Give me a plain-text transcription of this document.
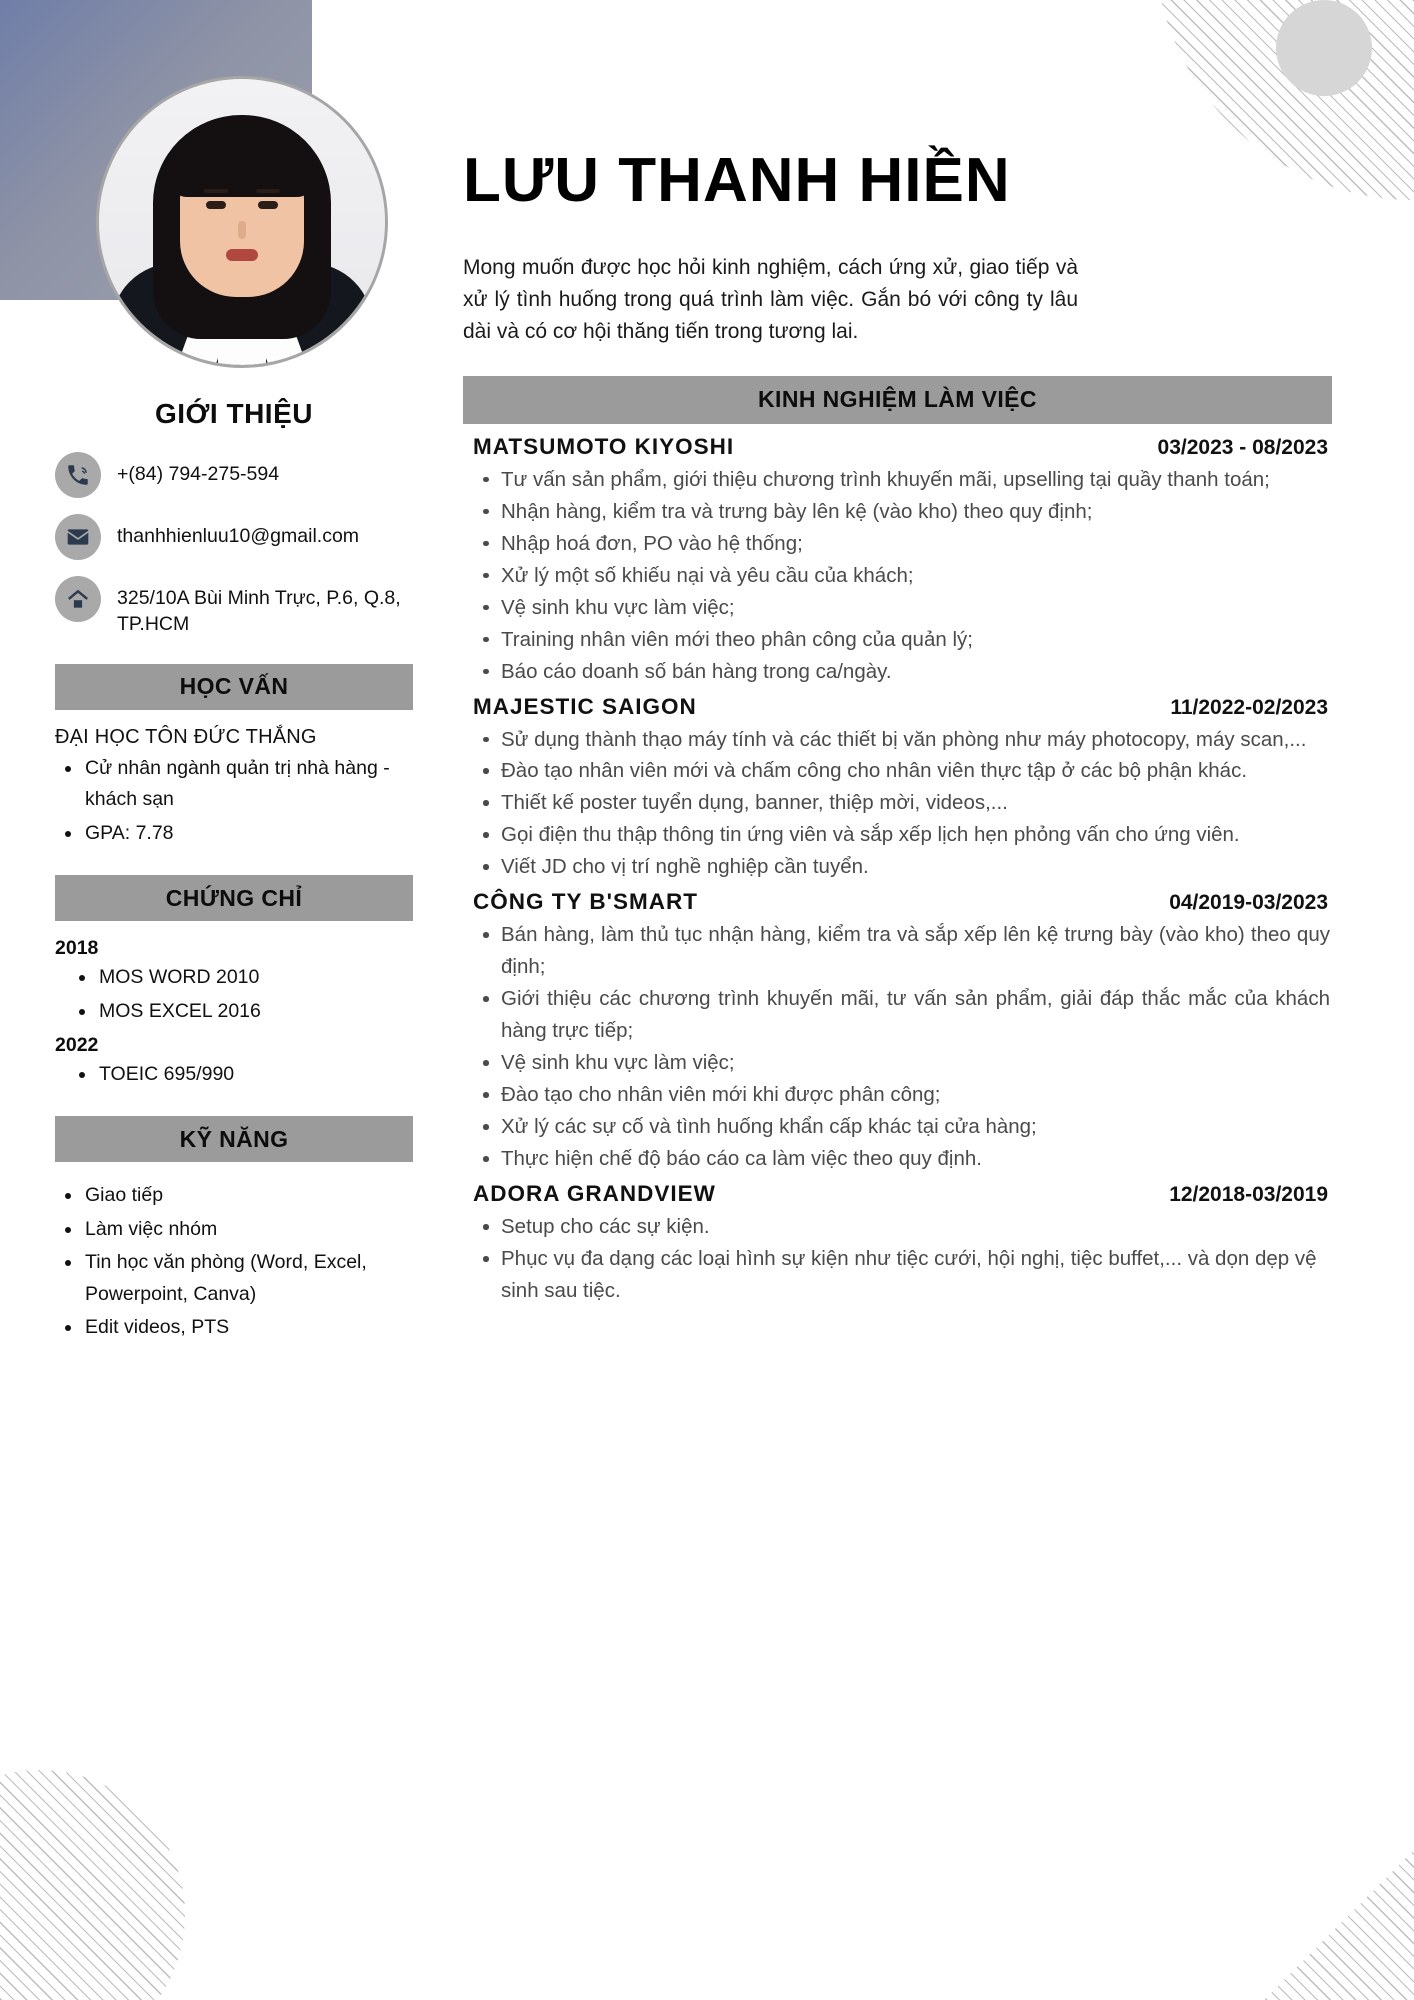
GIỚI THIỆU
+(84) 794-275-594
thanhhienluu10@gmail.com
325/10A Bùi Minh Trực, P.6, Q.8, TP.HCM
HỌC VẤN
ĐẠI HỌC TÔN ĐỨC THẮNG
Cử nhân ngành quản trị nhà hàng - khách sạn
GPA: 7.78
CHỨNG CHỈ
2018
MOS WORD 2010
MOS EXCEL 2016
2022
TOEIC 695/990
KỸ NĂNG
Giao tiếp
Làm việc nhóm
Tin học văn phòng (Word, Excel, Powerpoint, Canva)
Edit videos, PTS
LƯU THANH HIỀN
Mong muốn được học hỏi kinh nghiệm, cách ứng xử, giao tiếp và xử lý tình huống trong quá trình làm việc. Gắn bó với công ty lâu dài và có cơ hội thăng tiến trong tương lai.
KINH NGHIỆM LÀM VIỆC
MATSUMOTO KIYOSHI	03/2023 - 08/2023
Tư vấn sản phẩm, giới thiệu chương trình khuyến mãi, upselling tại quầy thanh toán;
Nhận hàng, kiểm tra và trưng bày lên kệ (vào kho) theo quy định;
Nhập hoá đơn, PO vào hệ thống;
Xử lý một số khiếu nại và yêu cầu của khách;
Vệ sinh khu vực làm việc;
Training nhân viên mới theo phân công của quản lý;
Báo cáo doanh số bán hàng trong ca/ngày.
MAJESTIC SAIGON	11/2022-02/2023
Sử dụng thành thạo máy tính và các thiết bị văn phòng như máy photocopy, máy scan,...
Đào tạo nhân viên mới và chấm công cho nhân viên thực tập ở các bộ phận khác.
Thiết kế poster tuyển dụng, banner, thiệp mời, videos,...
Gọi điện thu thập thông tin ứng viên và sắp xếp lịch hẹn phỏng vấn cho ứng viên.
Viết JD cho vị trí nghề nghiệp cần tuyển.
CÔNG TY B'SMART	04/2019-03/2023
Bán hàng, làm thủ tục nhận hàng, kiểm tra và sắp xếp lên kệ trưng bày (vào kho) theo quy định;
Giới thiệu các chương trình khuyến mãi, tư vấn sản phẩm, giải đáp thắc mắc của khách hàng trực tiếp;
Vệ sinh khu vực làm việc;
Đào tạo cho nhân viên mới khi được phân công;
Xử lý các sự cố và tình huống khẩn cấp khác tại cửa hàng;
Thực hiện chế độ báo cáo ca làm việc theo quy định.
ADORA GRANDVIEW	12/2018-03/2019
Setup cho các sự kiện.
Phục vụ đa dạng các loại hình sự kiện như tiệc cưới, hội nghị, tiệc buffet,... và dọn dẹp vệ sinh sau tiệc.
